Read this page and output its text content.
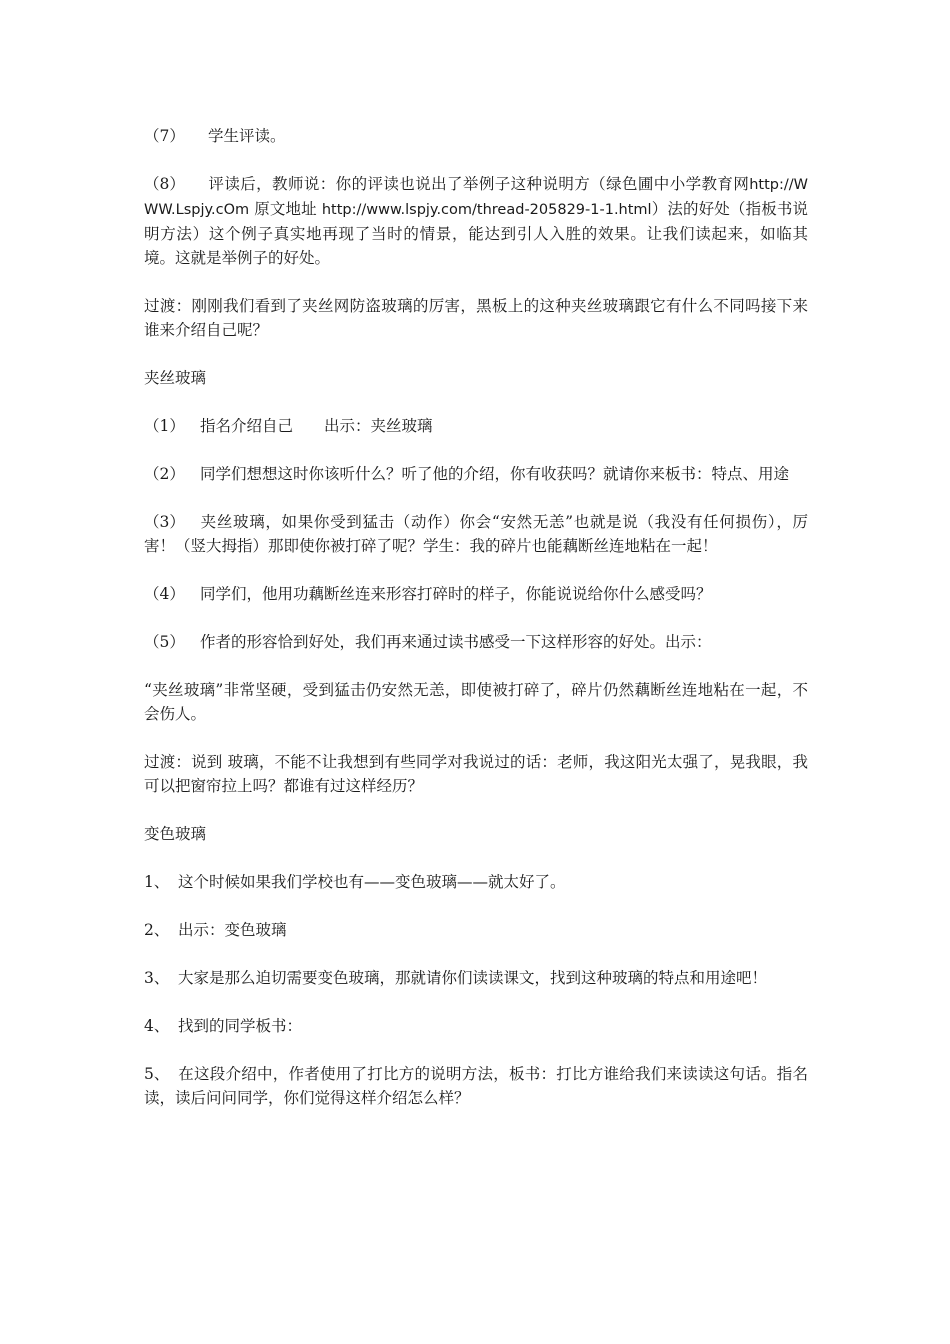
（7） 学生评读。

（8） 评读后，教师说：你的评读也说出了举例子这种说明方（绿色圃中小学教育网http://WWW.Lspjy.cOm 原文地址 http://www.lspjy.com/thread-205829-1-1.html）法的好处（指板书说明方法）这个例子真实地再现了当时的情景，能达到引人入胜的效果。让我们读起来，如临其境。这就是举例子的好处。

过渡：刚刚我们看到了夹丝网防盗玻璃的厉害，黑板上的这种夹丝玻璃跟它有什么不同吗接下来谁来介绍自己呢？

夹丝玻璃

（1） 指名介绍自己　　出示：夹丝玻璃

（2） 同学们想想这时你该听什么？听了他的介绍，你有收获吗？就请你来板书：特点、用途

（3） 夹丝玻璃，如果你受到猛击（动作）你会“安然无恙”也就是说（我没有任何损伤），厉害！（竖大拇指）那即使你被打碎了呢？学生：我的碎片也能藕断丝连地粘在一起！

（4） 同学们，他用功藕断丝连来形容打碎时的样子，你能说说给你什么感受吗？

（5） 作者的形容恰到好处，我们再来通过读书感受一下这样形容的好处。出示：

“夹丝玻璃”非常坚硬，受到猛击仍安然无恙，即使被打碎了，碎片仍然藕断丝连地粘在一起，不会伤人。

过渡：说到 玻璃，不能不让我想到有些同学对我说过的话：老师，我这阳光太强了，晃我眼，我可以把窗帘拉上吗？都谁有过这样经历？

变色玻璃

1、 这个时候如果我们学校也有——变色玻璃——就太好了。

2、 出示：变色玻璃

3、 大家是那么迫切需要变色玻璃，那就请你们读读课文，找到这种玻璃的特点和用途吧！

4、 找到的同学板书：

5、 在这段介绍中，作者使用了打比方的说明方法，板书：打比方谁给我们来读读这句话。指名读，读后问问同学，你们觉得这样介绍怎么样？
